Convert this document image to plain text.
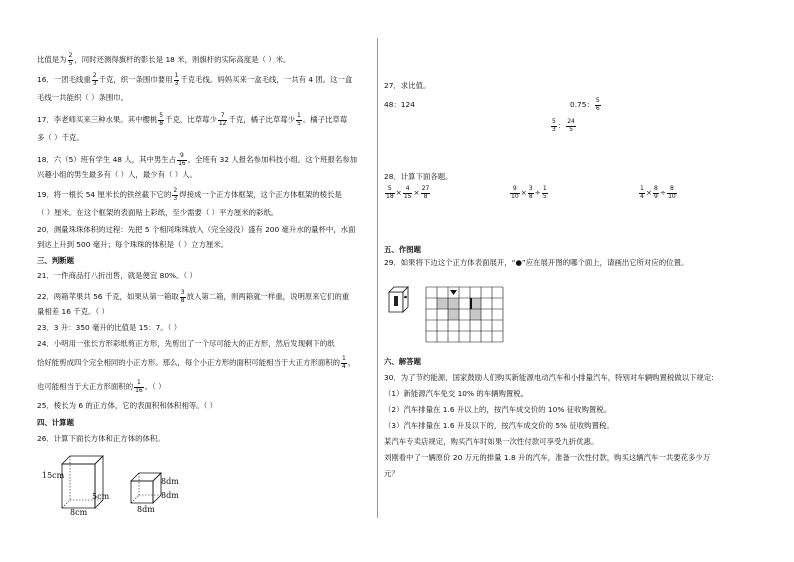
比值是为 $\frac{2}{5}$ ，同时还测得旗杆的影长是 18 米，则旗杆的实际高度是（ ）米。
16．一团毛线重 $\frac{2}{3}$ 千克，织一条围巾要用 $\frac{1}{3}$ 千克毛线。妈妈买来一盒毛线，一共有 4 团。这一盒
毛线一共能织（ ）条围巾。
17．李老师买来三种水果。其中樱桃 $\frac{5}{8}$ 千克，比草莓少 $\frac{7}{12}$ 千克，橘子比草莓少 $\frac{1}{5}$ 。橘子比草莓
多（ ）千克。
18．六（5）班有学生 48 人，其中男生占 $\frac{9}{16}$ ，全班有 32 人报名参加科技小组。这个班报名参加
兴趣小组的男生最多有（ ）人，最少有（ ）人。
19．将一根长 54 厘米长的铁丝截下它的 $\frac{2}{3}$ 焊接成一个正方体框架，这个正方体框架的棱长是
（ ）厘米。在这个框架的表面贴上彩纸，至少需要（ ）平方厘米的彩纸。
20．测量珠珠体积的过程：先把 5 个相同珠珠放入（完全浸没）盛有 200 毫升水的量杯中，水面
到达上升到 500 毫升；每个珠珠的体积是（ ）立方厘米。
三、判断题
21．一件商品打八折出售，就是便宜 80%。（ ）
22．两箱苹果共 56 千克，如果从第一箱取 $\frac{3}{8}$ 放入第二箱，则两箱就一样重，说明原来它们的重
量相差 16 千克。（ ）
23．3 升：350 毫升的比值是 15：7。（ ）
24．小明用一张长方形彩纸剪正方形，先剪出了一个尽可能大的正方形，然后发现剩下的纸
恰好能剪成四个完全相同的小正方形。那么，每个小正方形的面积可能相当于大正方形面积的 $\frac{1}{4}$ ，
也可能相当于大正方形面积的 $\frac{1}{16}$ 。（ ）
25．棱长为 6 的正方体，它的表面积和体积相等。（ ）
四、计算题
26．计算下面长方体和正方体的体积。
15cm
5cm
8cm
8dm
8dm
8dm
27．求比值。
48：124	0.75： $\frac{5}{6}$
$\frac{5}{3}$ ： $\frac{24}{5}$
28．计算下面各题。
$\frac{5}{18} \times \frac{4}{15} \times \frac{27}{8}$	$\frac{9}{10} \times \frac{3}{8} \div \frac{1}{5}$	$\frac{1}{4} \times \frac{8}{9} \div \frac{8}{10}$
五、作图题
29．如果将下边这个正方体表面展开，“●”应在展开图的哪个面上，请画出它所对应的位置。
六、解答题
30．为了节约能源，国家鼓励人们购买新能源电动汽车和小排量汽车，特别对车辆购置税做以下规定:
（1）新能源汽车免交 10% 的车辆购置税。
（2）汽车排量在 1.6 升以上的，按汽车成交价的 10% 征收购置税。
（3）汽车排量在 1.6 升及以下的，按汽车成交价的 5% 征收购置税。
某汽车专卖店规定，购买汽车时如果一次性付款可享受九折优惠。
刘刚看中了一辆原价 20 万元的排量 1.8 升的汽车，准备一次性付款，购买这辆汽车一共要花多少万
元？
